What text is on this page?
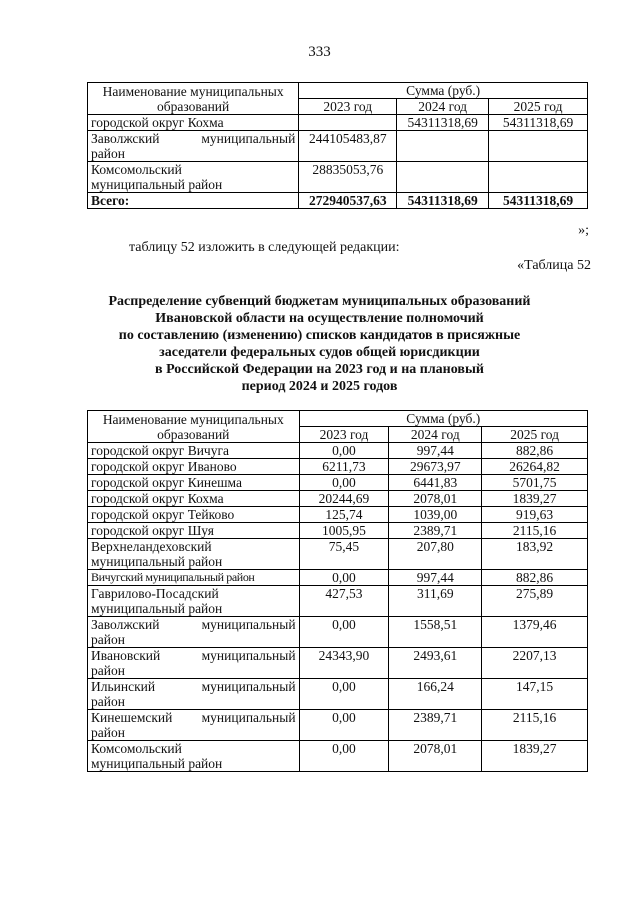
333
Наименование муниципальных
образований	Сумма (руб.)		
	2023 год	2024 год	2025 год

городской округ Кохма		54311318,69	54311318,69

Заволжский муниципальный
район	244105483,87		

Комсомольский
муниципальный район	28835053,76		
Всего:	272940537,63	54311318,69	54311318,69
»;
таблицу 52 изложить в следующей редакции:
«Таблица 52
Распределение субвенций бюджетам муниципальных образований
Ивановской области на осуществление полномочий
по составлению (изменению) списков кандидатов в присяжные
заседатели федеральных судов общей юрисдикции
в Российской Федерации на 2023 год и на плановый
период 2024 и 2025 годов
Наименование муниципальных
образований	Сумма (руб.)		
	2023 год	2024 год	2025 год

городской округ Вичуга	0,00	997,44	882,86

городской округ Иваново	6211,73	29673,97	26264,82

городской округ Кинешма	0,00	6441,83	5701,75

городской округ Кохма	20244,69	2078,01	1839,27

городской округ Тейково	125,74	1039,00	919,63

городской округ Шуя	1005,95	2389,71	2115,16

Верхнеландеховский
муниципальный район	75,45	207,80	183,92

Вичугский муниципальный район	0,00	997,44	882,86

Гаврилово-Посадский
муниципальный район	427,53	311,69	275,89

Заволжский муниципальный
район	0,00	1558,51	1379,46

Ивановский муниципальный
район	24343,90	2493,61	2207,13

Ильинский муниципальный
район	0,00	166,24	147,15

Кинешемский муниципальный
район	0,00	2389,71	2115,16

Комсомольский
муниципальный район	0,00	2078,01	1839,27
